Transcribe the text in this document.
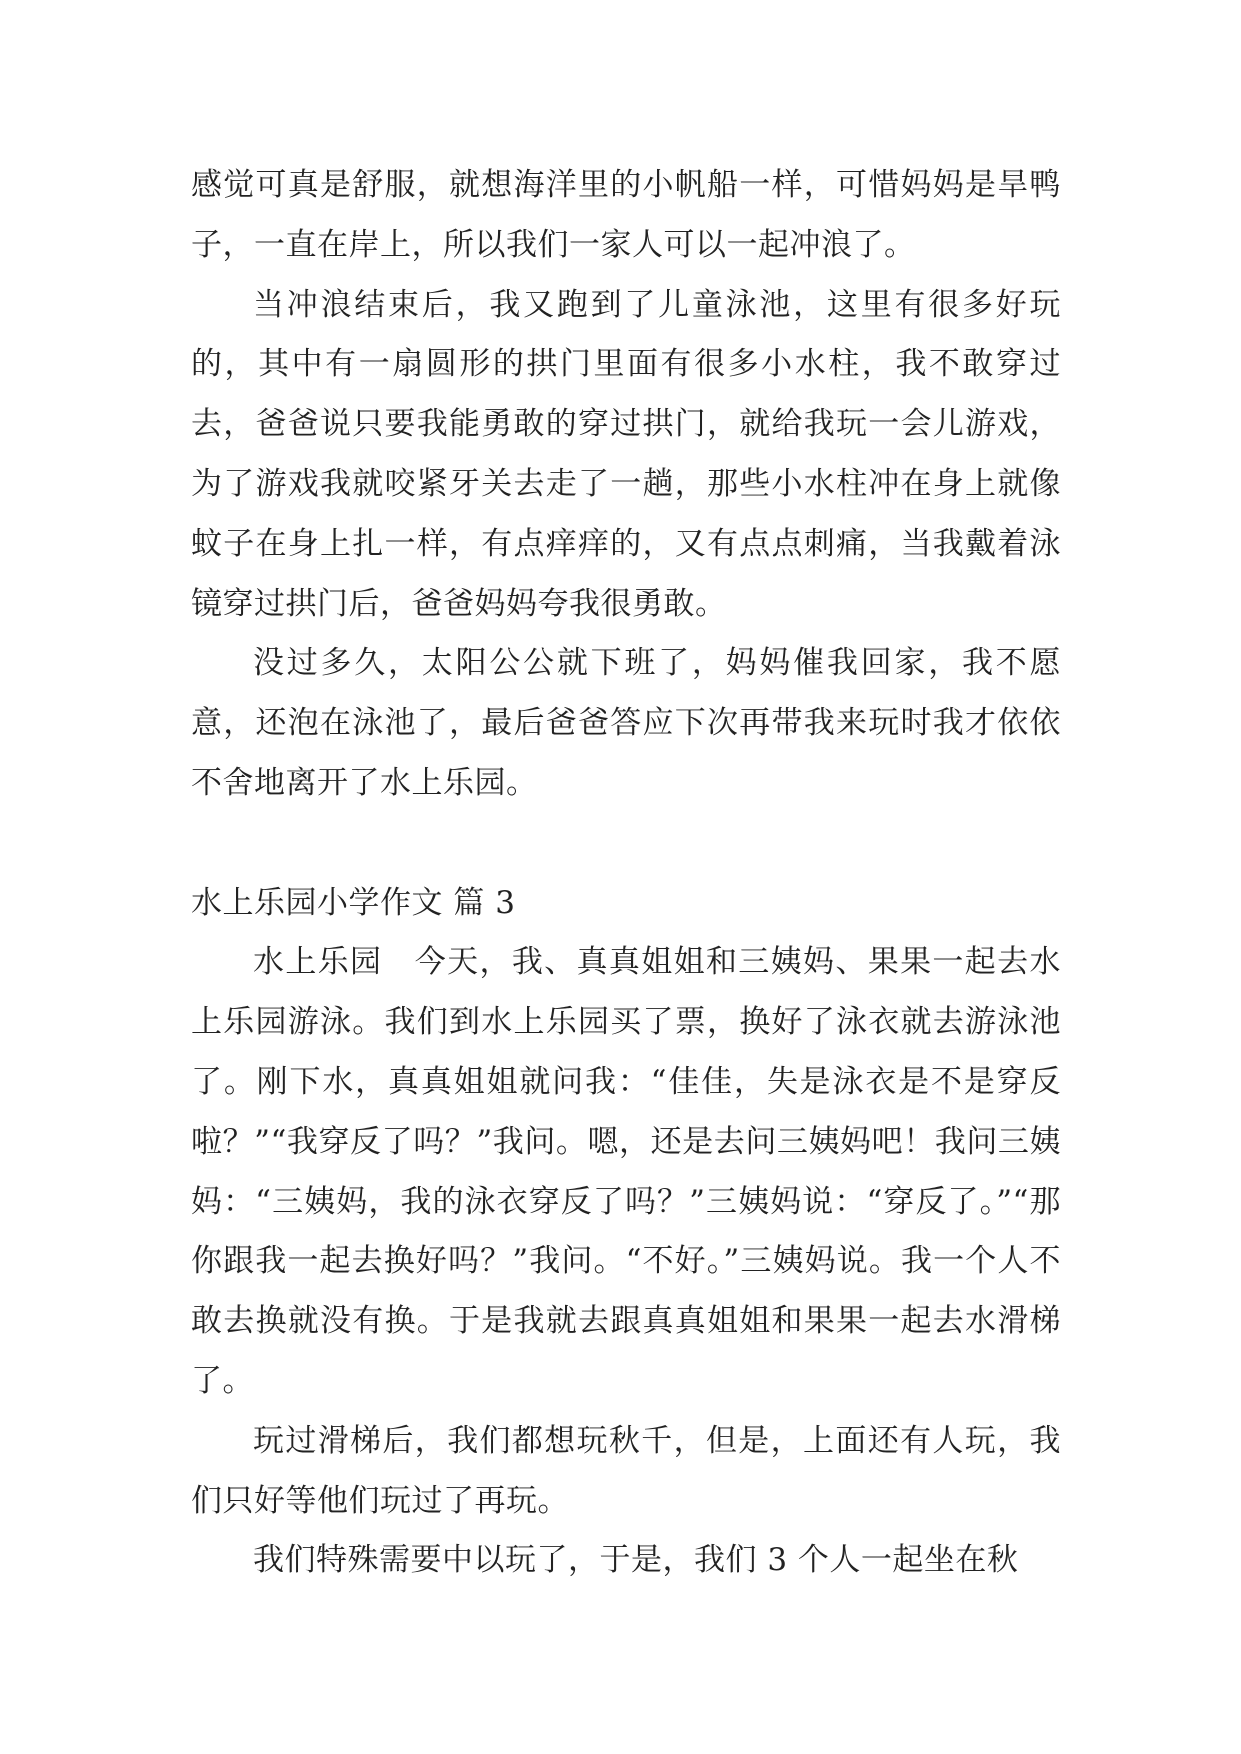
感觉可真是舒服，就想海洋里的小帆船一样，可惜妈妈是旱鸭子，一直在岸上，所以我们一家人可以一起冲浪了。

当冲浪结束后，我又跑到了儿童泳池，这里有很多好玩的，其中有一扇圆形的拱门里面有很多小水柱，我不敢穿过去，爸爸说只要我能勇敢的穿过拱门，就给我玩一会儿游戏，为了游戏我就咬紧牙关去走了一趟，那些小水柱冲在身上就像蚊子在身上扎一样，有点痒痒的，又有点点刺痛，当我戴着泳镜穿过拱门后，爸爸妈妈夸我很勇敢。

没过多久，太阳公公就下班了，妈妈催我回家，我不愿意，还泡在泳池了，最后爸爸答应下次再带我来玩时我才依依不舍地离开了水上乐园。

水上乐园小学作文 篇 3

水上乐园　今天，我、真真姐姐和三姨妈、果果一起去水上乐园游泳。我们到水上乐园买了票，换好了泳衣就去游泳池了。刚下水，真真姐姐就问我：“佳佳，失是泳衣是不是穿反啦？”“我穿反了吗？”我问。嗯，还是去问三姨妈吧！我问三姨妈：“三姨妈，我的泳衣穿反了吗？”三姨妈说：“穿反了。”“那你跟我一起去换好吗？”我问。“不好。”三姨妈说。我一个人不敢去换就没有换。于是我就去跟真真姐姐和果果一起去水滑梯了。

玩过滑梯后，我们都想玩秋千，但是，上面还有人玩，我们只好等他们玩过了再玩。

我们特殊需要中以玩了，于是，我们 3 个人一起坐在秋
